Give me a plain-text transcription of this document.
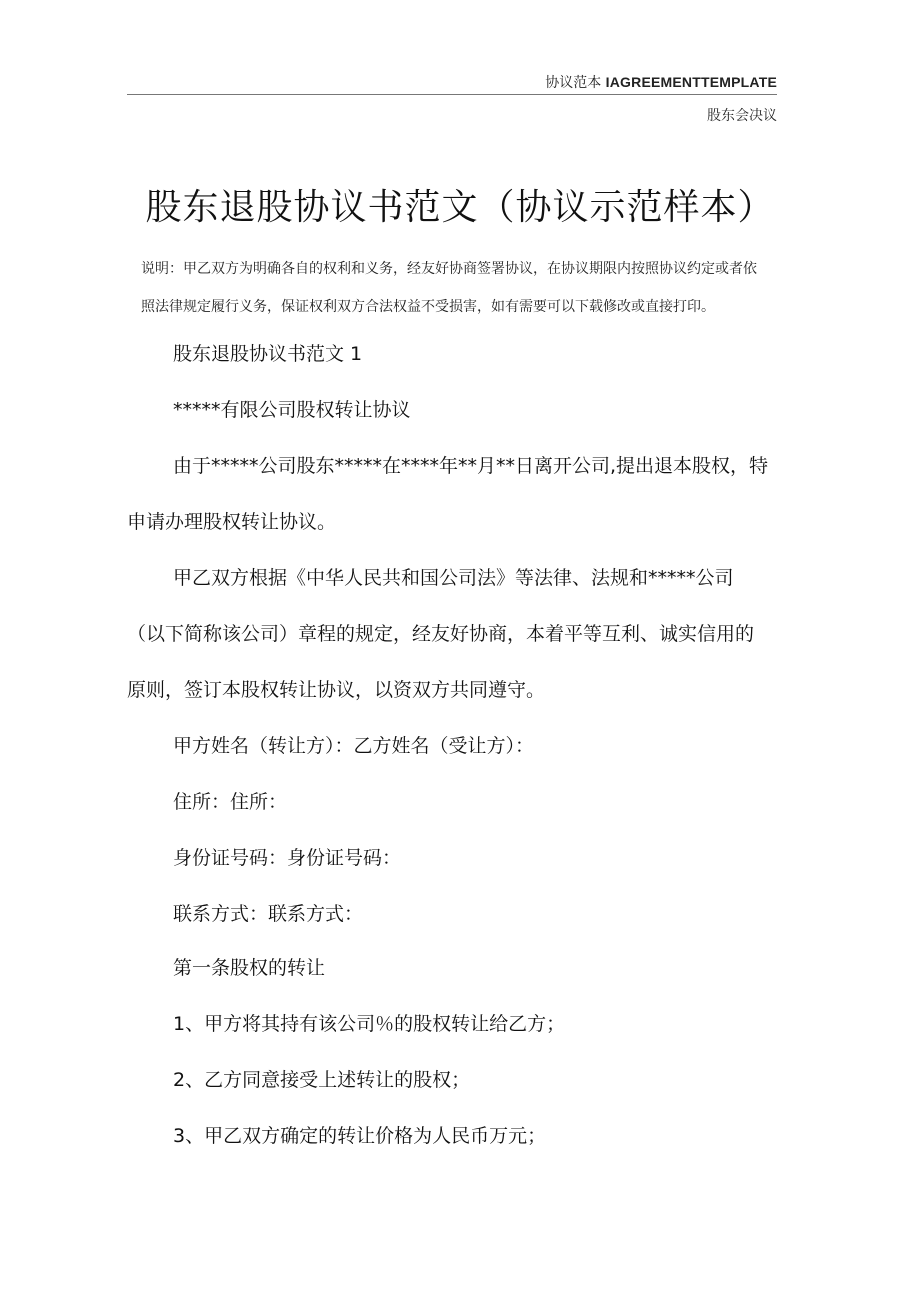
协议范本 IAGREEMENTTEMPLATE
股东会决议
股东退股协议书范文（协议示范样本）
说明：甲乙双方为明确各自的权利和义务，经友好协商签署协议，在协议期限内按照协议约定或者依
照法律规定履行义务，保证权利双方合法权益不受损害，如有需要可以下载修改或直接打印。
股东退股协议书范文 1
*****有限公司股权转让协议
由于*****公司股东*****在****年**月**日离开公司,提出退本股权，特
申请办理股权转让协议。
甲乙双方根据《中华人民共和国公司法》等法律、法规和*****公司
（以下简称该公司）章程的规定，经友好协商，本着平等互利、诚实信用的
原则，签订本股权转让协议，以资双方共同遵守。
甲方姓名（转让方）：乙方姓名（受让方）：
住所：住所：
身份证号码：身份证号码：
联系方式：联系方式：
第一条股权的转让
1、甲方将其持有该公司％的股权转让给乙方；
2、乙方同意接受上述转让的股权；
3、甲乙双方确定的转让价格为人民币万元；
